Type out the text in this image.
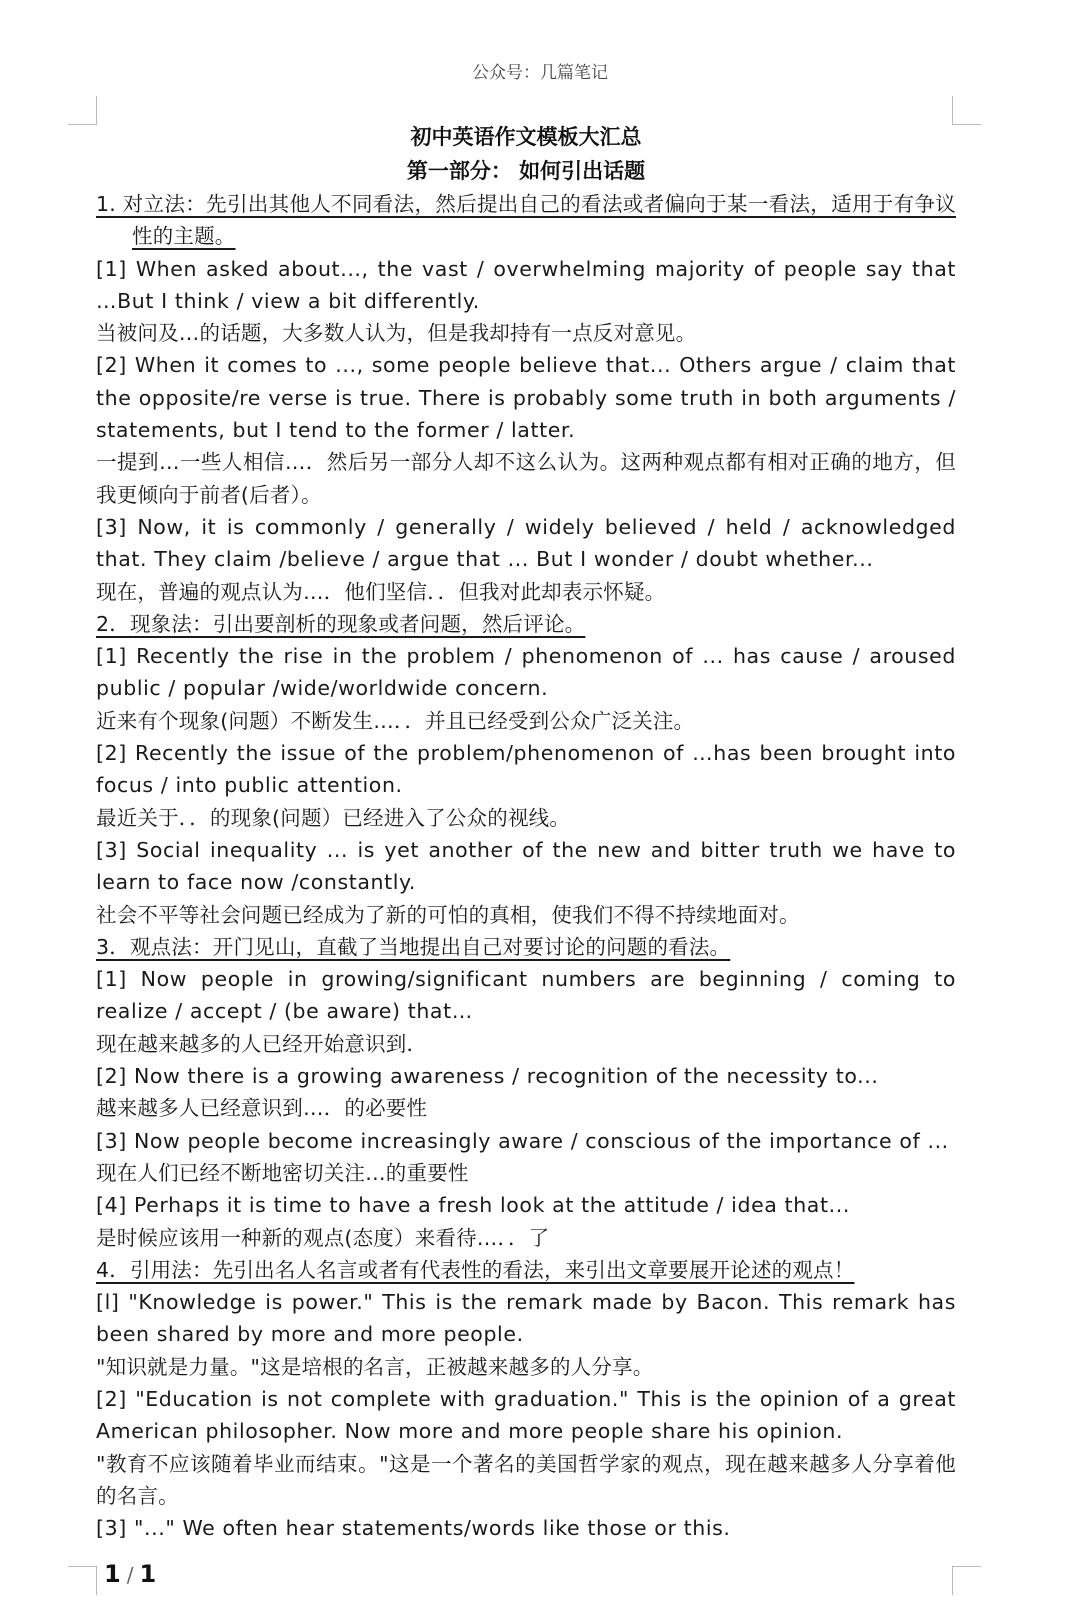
公众号：几篇笔记
初中英语作文模板大汇总
第一部分： 如何引出话题

1. 对立法：先引出其他人不同看法，然后提出自己的看法或者偏向于某一看法，适用于有争议性的主题。

[1] When asked about..., the vast / overwhelming majority of people say that …But I think / view a bit differently.

当被问及…的话题，大多数人认为，但是我却持有一点反对意见。

[2] When it comes to ..., some people believe that... Others argue / claim that the opposite/re verse is true. There is probably some truth in both arguments / statements, but I tend to the former / latter.

一提到…一些人相信…．然后另一部分人却不这么认为。这两种观点都有相对正确的地方，但我更倾向于前者(后者）。

[3] Now, it is commonly / generally / widely believed / held / acknowledged that. They claim /believe / argue that ... But I wonder / doubt whether...

现在，普遍的观点认为…．他们坚信．．但我对此却表示怀疑。

2．现象法：引出要剖析的现象或者问题，然后评论。

[1] Recently the rise in the problem / phenomenon of ... has cause / aroused public / popular /wide/worldwide concern.

近来有个现象(问题）不断发生…．．并且已经受到公众广泛关注。

[2] Recently the issue of the problem/phenomenon of …has been brought into focus / into public attention.

最近关于．．的现象(问题）已经进入了公众的视线。

[3] Social inequality ... is yet another of the new and bitter truth we have to learn to face now /constantly.

社会不平等社会问题已经成为了新的可怕的真相，使我们不得不持续地面对。

3．观点法：开门见山，直截了当地提出自己对要讨论的问题的看法。

[1] Now people in growing/significant numbers are beginning / coming to realize / accept / (be aware) that…

现在越来越多的人已经开始意识到．

[2] Now there is a growing awareness / recognition of the necessity to...

越来越多人已经意识到…．的必要性

[3] Now people become increasingly aware / conscious of the importance of ...

现在人们已经不断地密切关注…的重要性

[4] Perhaps it is time to have a fresh look at the attitude / idea that...

是时候应该用一种新的观点(态度）来看待…．．了

4．引用法：先引出名人名言或者有代表性的看法，来引出文章要展开论述的观点！

[l] "Knowledge is power." This is the remark made by Bacon. This remark has been shared by more and more people.

"知识就是力量。"这是培根的名言，正被越来越多的人分享。

[2] "Education is not complete with graduation." This is the opinion of a great American philosopher. Now more and more people share his opinion.

"教育不应该随着毕业而结束。"这是一个著名的美国哲学家的观点，现在越来越多人分享着他的名言。

[3] "..." We often hear statements/words like those or this.

1 / 1
